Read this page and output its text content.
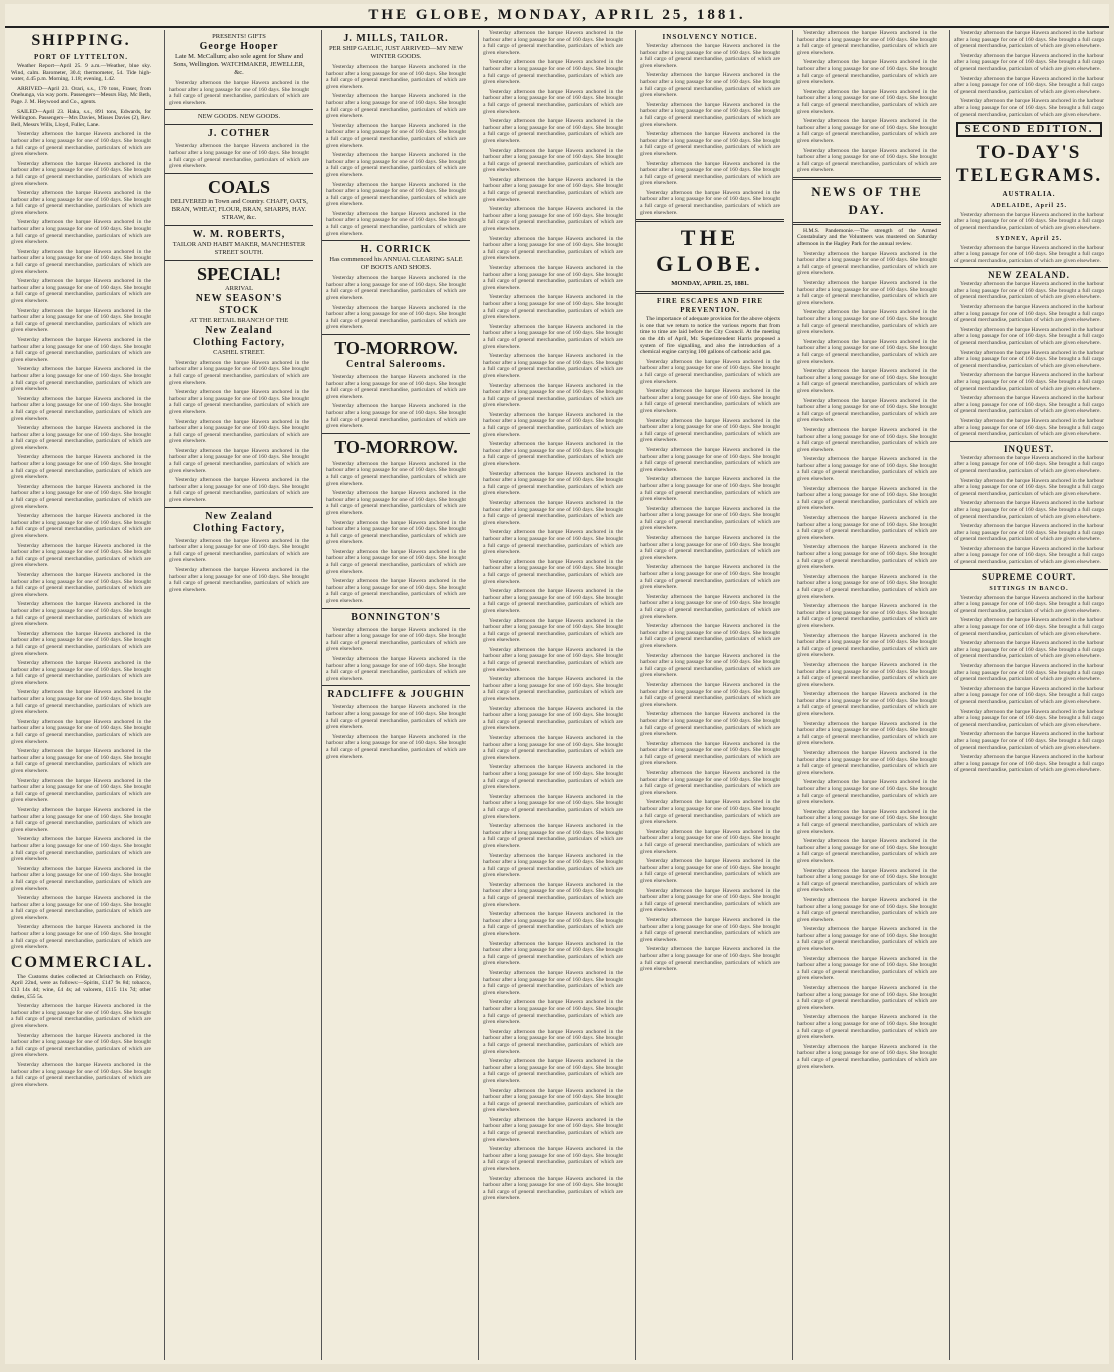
THE GLOBE, MONDAY, APRIL 25, 1881.
SHIPPING.
PORT OF LYTTELTON.

Weather Report—April 25. 9 a.m.—Weather, blue sky. Wind, calm. Barometer, 30.4; thermometer, 54. Tide high-water, 4.45 p.m. Morning, 1.18; evening, 1.42.

ARRIVED—April 23. Orari, s.s., 170 tons, Fraser, from Onehunga, via way ports. Passengers—Messrs Hay, Mc Beth, Page. J. M. Heywood and Co., agents.

SAILED—April 23. Haka, s.s., 891 tons, Edwards, for Wellington. Passengers—Mrs Davies, Misses Davies (2), Rev. Bell, Messrs Wills, Lloyd, Fuller, Lane.

Yesterday afternoon the barque Hawera anchored in the harbour after a long passage for one of 160 days. She brought a full cargo of general merchandise, particulars of which are given elsewhere.

Yesterday afternoon the barque Hawera anchored in the harbour after a long passage for one of 160 days. She brought a full cargo of general merchandise, particulars of which are given elsewhere.

Yesterday afternoon the barque Hawera anchored in the harbour after a long passage for one of 160 days. She brought a full cargo of general merchandise, particulars of which are given elsewhere.

Yesterday afternoon the barque Hawera anchored in the harbour after a long passage for one of 160 days. She brought a full cargo of general merchandise, particulars of which are given elsewhere.

Yesterday afternoon the barque Hawera anchored in the harbour after a long passage for one of 160 days. She brought a full cargo of general merchandise, particulars of which are given elsewhere.

Yesterday afternoon the barque Hawera anchored in the harbour after a long passage for one of 160 days. She brought a full cargo of general merchandise, particulars of which are given elsewhere.

Yesterday afternoon the barque Hawera anchored in the harbour after a long passage for one of 160 days. She brought a full cargo of general merchandise, particulars of which are given elsewhere.

Yesterday afternoon the barque Hawera anchored in the harbour after a long passage for one of 160 days. She brought a full cargo of general merchandise, particulars of which are given elsewhere.

Yesterday afternoon the barque Hawera anchored in the harbour after a long passage for one of 160 days. She brought a full cargo of general merchandise, particulars of which are given elsewhere.

Yesterday afternoon the barque Hawera anchored in the harbour after a long passage for one of 160 days. She brought a full cargo of general merchandise, particulars of which are given elsewhere.

Yesterday afternoon the barque Hawera anchored in the harbour after a long passage for one of 160 days. She brought a full cargo of general merchandise, particulars of which are given elsewhere.

Yesterday afternoon the barque Hawera anchored in the harbour after a long passage for one of 160 days. She brought a full cargo of general merchandise, particulars of which are given elsewhere.

Yesterday afternoon the barque Hawera anchored in the harbour after a long passage for one of 160 days. She brought a full cargo of general merchandise, particulars of which are given elsewhere.

Yesterday afternoon the barque Hawera anchored in the harbour after a long passage for one of 160 days. She brought a full cargo of general merchandise, particulars of which are given elsewhere.

Yesterday afternoon the barque Hawera anchored in the harbour after a long passage for one of 160 days. She brought a full cargo of general merchandise, particulars of which are given elsewhere.

Yesterday afternoon the barque Hawera anchored in the harbour after a long passage for one of 160 days. She brought a full cargo of general merchandise, particulars of which are given elsewhere.

Yesterday afternoon the barque Hawera anchored in the harbour after a long passage for one of 160 days. She brought a full cargo of general merchandise, particulars of which are given elsewhere.

Yesterday afternoon the barque Hawera anchored in the harbour after a long passage for one of 160 days. She brought a full cargo of general merchandise, particulars of which are given elsewhere.

Yesterday afternoon the barque Hawera anchored in the harbour after a long passage for one of 160 days. She brought a full cargo of general merchandise, particulars of which are given elsewhere.

Yesterday afternoon the barque Hawera anchored in the harbour after a long passage for one of 160 days. She brought a full cargo of general merchandise, particulars of which are given elsewhere.

Yesterday afternoon the barque Hawera anchored in the harbour after a long passage for one of 160 days. She brought a full cargo of general merchandise, particulars of which are given elsewhere.

Yesterday afternoon the barque Hawera anchored in the harbour after a long passage for one of 160 days. She brought a full cargo of general merchandise, particulars of which are given elsewhere.

Yesterday afternoon the barque Hawera anchored in the harbour after a long passage for one of 160 days. She brought a full cargo of general merchandise, particulars of which are given elsewhere.

Yesterday afternoon the barque Hawera anchored in the harbour after a long passage for one of 160 days. She brought a full cargo of general merchandise, particulars of which are given elsewhere.

Yesterday afternoon the barque Hawera anchored in the harbour after a long passage for one of 160 days. She brought a full cargo of general merchandise, particulars of which are given elsewhere.

Yesterday afternoon the barque Hawera anchored in the harbour after a long passage for one of 160 days. She brought a full cargo of general merchandise, particulars of which are given elsewhere.

Yesterday afternoon the barque Hawera anchored in the harbour after a long passage for one of 160 days. She brought a full cargo of general merchandise, particulars of which are given elsewhere.

Yesterday afternoon the barque Hawera anchored in the harbour after a long passage for one of 160 days. She brought a full cargo of general merchandise, particulars of which are given elsewhere.

COMMERCIAL.

The Customs duties collected at Christchurch on Friday, April 22nd, were as follows:—Spirits, £147 9s 8d; tobacco, £13 14s 4d; wine, £4 4s; ad valorem, £115 11s 7d; other duties, £55 5s.

Yesterday afternoon the barque Hawera anchored in the harbour after a long passage for one of 160 days. She brought a full cargo of general merchandise, particulars of which are given elsewhere.

Yesterday afternoon the barque Hawera anchored in the harbour after a long passage for one of 160 days. She brought a full cargo of general merchandise, particulars of which are given elsewhere.

Yesterday afternoon the barque Hawera anchored in the harbour after a long passage for one of 160 days. She brought a full cargo of general merchandise, particulars of which are given elsewhere.

PRESENTS! GIFTS
George Hooper
Late M. McCallum; also sole agent for Shaw and Sons, Wellington. WATCHMAKER, JEWELLER, &c.

Yesterday afternoon the barque Hawera anchored in the harbour after a long passage for one of 160 days. She brought a full cargo of general merchandise, particulars of which are given elsewhere.

NEW GOODS. NEW GOODS.
J. COTHER

Yesterday afternoon the barque Hawera anchored in the harbour after a long passage for one of 160 days. She brought a full cargo of general merchandise, particulars of which are given elsewhere.

COALS
DELIVERED in Town and Country. CHAFF, OATS, BRAN, WHEAT, FLOUR, BRAN, SHARPS, HAY. STRAW, &c.
W. M. ROBERTS,
TAILOR AND HABIT MAKER, MANCHESTER STREET SOUTH.
SPECIAL!
ARRIVAL
NEW SEASON'S
STOCK
AT THE RETAIL BRANCH OF THE
New Zealand
Clothing Factory,
CASHEL STREET.

Yesterday afternoon the barque Hawera anchored in the harbour after a long passage for one of 160 days. She brought a full cargo of general merchandise, particulars of which are given elsewhere.

Yesterday afternoon the barque Hawera anchored in the harbour after a long passage for one of 160 days. She brought a full cargo of general merchandise, particulars of which are given elsewhere.

Yesterday afternoon the barque Hawera anchored in the harbour after a long passage for one of 160 days. She brought a full cargo of general merchandise, particulars of which are given elsewhere.

Yesterday afternoon the barque Hawera anchored in the harbour after a long passage for one of 160 days. She brought a full cargo of general merchandise, particulars of which are given elsewhere.

Yesterday afternoon the barque Hawera anchored in the harbour after a long passage for one of 160 days. She brought a full cargo of general merchandise, particulars of which are given elsewhere.

New Zealand
Clothing Factory,

Yesterday afternoon the barque Hawera anchored in the harbour after a long passage for one of 160 days. She brought a full cargo of general merchandise, particulars of which are given elsewhere.

Yesterday afternoon the barque Hawera anchored in the harbour after a long passage for one of 160 days. She brought a full cargo of general merchandise, particulars of which are given elsewhere.

J. MILLS, TAILOR.
PER SHIP GAELIC, JUST ARRIVED—MY NEW WINTER GOODS.

Yesterday afternoon the barque Hawera anchored in the harbour after a long passage for one of 160 days. She brought a full cargo of general merchandise, particulars of which are given elsewhere.

Yesterday afternoon the barque Hawera anchored in the harbour after a long passage for one of 160 days. She brought a full cargo of general merchandise, particulars of which are given elsewhere.

Yesterday afternoon the barque Hawera anchored in the harbour after a long passage for one of 160 days. She brought a full cargo of general merchandise, particulars of which are given elsewhere.

Yesterday afternoon the barque Hawera anchored in the harbour after a long passage for one of 160 days. She brought a full cargo of general merchandise, particulars of which are given elsewhere.

Yesterday afternoon the barque Hawera anchored in the harbour after a long passage for one of 160 days. She brought a full cargo of general merchandise, particulars of which are given elsewhere.

Yesterday afternoon the barque Hawera anchored in the harbour after a long passage for one of 160 days. She brought a full cargo of general merchandise, particulars of which are given elsewhere.

H. CORRICK
Has commenced his ANNUAL CLEARING SALE OF BOOTS AND SHOES.

Yesterday afternoon the barque Hawera anchored in the harbour after a long passage for one of 160 days. She brought a full cargo of general merchandise, particulars of which are given elsewhere.

Yesterday afternoon the barque Hawera anchored in the harbour after a long passage for one of 160 days. She brought a full cargo of general merchandise, particulars of which are given elsewhere.

TO-MORROW.
Central Salerooms.

Yesterday afternoon the barque Hawera anchored in the harbour after a long passage for one of 160 days. She brought a full cargo of general merchandise, particulars of which are given elsewhere.

Yesterday afternoon the barque Hawera anchored in the harbour after a long passage for one of 160 days. She brought a full cargo of general merchandise, particulars of which are given elsewhere.

TO-MORROW.

Yesterday afternoon the barque Hawera anchored in the harbour after a long passage for one of 160 days. She brought a full cargo of general merchandise, particulars of which are given elsewhere.

Yesterday afternoon the barque Hawera anchored in the harbour after a long passage for one of 160 days. She brought a full cargo of general merchandise, particulars of which are given elsewhere.

Yesterday afternoon the barque Hawera anchored in the harbour after a long passage for one of 160 days. She brought a full cargo of general merchandise, particulars of which are given elsewhere.

Yesterday afternoon the barque Hawera anchored in the harbour after a long passage for one of 160 days. She brought a full cargo of general merchandise, particulars of which are given elsewhere.

Yesterday afternoon the barque Hawera anchored in the harbour after a long passage for one of 160 days. She brought a full cargo of general merchandise, particulars of which are given elsewhere.

BONNINGTON'S

Yesterday afternoon the barque Hawera anchored in the harbour after a long passage for one of 160 days. She brought a full cargo of general merchandise, particulars of which are given elsewhere.

Yesterday afternoon the barque Hawera anchored in the harbour after a long passage for one of 160 days. She brought a full cargo of general merchandise, particulars of which are given elsewhere.

RADCLIFFE & JOUGHIN

Yesterday afternoon the barque Hawera anchored in the harbour after a long passage for one of 160 days. She brought a full cargo of general merchandise, particulars of which are given elsewhere.

Yesterday afternoon the barque Hawera anchored in the harbour after a long passage for one of 160 days. She brought a full cargo of general merchandise, particulars of which are given elsewhere.

Yesterday afternoon the barque Hawera anchored in the harbour after a long passage for one of 160 days. She brought a full cargo of general merchandise, particulars of which are given elsewhere.

Yesterday afternoon the barque Hawera anchored in the harbour after a long passage for one of 160 days. She brought a full cargo of general merchandise, particulars of which are given elsewhere.

Yesterday afternoon the barque Hawera anchored in the harbour after a long passage for one of 160 days. She brought a full cargo of general merchandise, particulars of which are given elsewhere.

Yesterday afternoon the barque Hawera anchored in the harbour after a long passage for one of 160 days. She brought a full cargo of general merchandise, particulars of which are given elsewhere.

Yesterday afternoon the barque Hawera anchored in the harbour after a long passage for one of 160 days. She brought a full cargo of general merchandise, particulars of which are given elsewhere.

Yesterday afternoon the barque Hawera anchored in the harbour after a long passage for one of 160 days. She brought a full cargo of general merchandise, particulars of which are given elsewhere.

Yesterday afternoon the barque Hawera anchored in the harbour after a long passage for one of 160 days. She brought a full cargo of general merchandise, particulars of which are given elsewhere.

Yesterday afternoon the barque Hawera anchored in the harbour after a long passage for one of 160 days. She brought a full cargo of general merchandise, particulars of which are given elsewhere.

Yesterday afternoon the barque Hawera anchored in the harbour after a long passage for one of 160 days. She brought a full cargo of general merchandise, particulars of which are given elsewhere.

Yesterday afternoon the barque Hawera anchored in the harbour after a long passage for one of 160 days. She brought a full cargo of general merchandise, particulars of which are given elsewhere.

Yesterday afternoon the barque Hawera anchored in the harbour after a long passage for one of 160 days. She brought a full cargo of general merchandise, particulars of which are given elsewhere.

Yesterday afternoon the barque Hawera anchored in the harbour after a long passage for one of 160 days. She brought a full cargo of general merchandise, particulars of which are given elsewhere.

Yesterday afternoon the barque Hawera anchored in the harbour after a long passage for one of 160 days. She brought a full cargo of general merchandise, particulars of which are given elsewhere.

Yesterday afternoon the barque Hawera anchored in the harbour after a long passage for one of 160 days. She brought a full cargo of general merchandise, particulars of which are given elsewhere.

Yesterday afternoon the barque Hawera anchored in the harbour after a long passage for one of 160 days. She brought a full cargo of general merchandise, particulars of which are given elsewhere.

Yesterday afternoon the barque Hawera anchored in the harbour after a long passage for one of 160 days. She brought a full cargo of general merchandise, particulars of which are given elsewhere.

Yesterday afternoon the barque Hawera anchored in the harbour after a long passage for one of 160 days. She brought a full cargo of general merchandise, particulars of which are given elsewhere.

Yesterday afternoon the barque Hawera anchored in the harbour after a long passage for one of 160 days. She brought a full cargo of general merchandise, particulars of which are given elsewhere.

Yesterday afternoon the barque Hawera anchored in the harbour after a long passage for one of 160 days. She brought a full cargo of general merchandise, particulars of which are given elsewhere.

Yesterday afternoon the barque Hawera anchored in the harbour after a long passage for one of 160 days. She brought a full cargo of general merchandise, particulars of which are given elsewhere.

Yesterday afternoon the barque Hawera anchored in the harbour after a long passage for one of 160 days. She brought a full cargo of general merchandise, particulars of which are given elsewhere.

Yesterday afternoon the barque Hawera anchored in the harbour after a long passage for one of 160 days. She brought a full cargo of general merchandise, particulars of which are given elsewhere.

Yesterday afternoon the barque Hawera anchored in the harbour after a long passage for one of 160 days. She brought a full cargo of general merchandise, particulars of which are given elsewhere.

Yesterday afternoon the barque Hawera anchored in the harbour after a long passage for one of 160 days. She brought a full cargo of general merchandise, particulars of which are given elsewhere.

Yesterday afternoon the barque Hawera anchored in the harbour after a long passage for one of 160 days. She brought a full cargo of general merchandise, particulars of which are given elsewhere.

Yesterday afternoon the barque Hawera anchored in the harbour after a long passage for one of 160 days. She brought a full cargo of general merchandise, particulars of which are given elsewhere.

Yesterday afternoon the barque Hawera anchored in the harbour after a long passage for one of 160 days. She brought a full cargo of general merchandise, particulars of which are given elsewhere.

Yesterday afternoon the barque Hawera anchored in the harbour after a long passage for one of 160 days. She brought a full cargo of general merchandise, particulars of which are given elsewhere.

Yesterday afternoon the barque Hawera anchored in the harbour after a long passage for one of 160 days. She brought a full cargo of general merchandise, particulars of which are given elsewhere.

Yesterday afternoon the barque Hawera anchored in the harbour after a long passage for one of 160 days. She brought a full cargo of general merchandise, particulars of which are given elsewhere.

Yesterday afternoon the barque Hawera anchored in the harbour after a long passage for one of 160 days. She brought a full cargo of general merchandise, particulars of which are given elsewhere.

Yesterday afternoon the barque Hawera anchored in the harbour after a long passage for one of 160 days. She brought a full cargo of general merchandise, particulars of which are given elsewhere.

Yesterday afternoon the barque Hawera anchored in the harbour after a long passage for one of 160 days. She brought a full cargo of general merchandise, particulars of which are given elsewhere.

Yesterday afternoon the barque Hawera anchored in the harbour after a long passage for one of 160 days. She brought a full cargo of general merchandise, particulars of which are given elsewhere.

Yesterday afternoon the barque Hawera anchored in the harbour after a long passage for one of 160 days. She brought a full cargo of general merchandise, particulars of which are given elsewhere.

Yesterday afternoon the barque Hawera anchored in the harbour after a long passage for one of 160 days. She brought a full cargo of general merchandise, particulars of which are given elsewhere.

Yesterday afternoon the barque Hawera anchored in the harbour after a long passage for one of 160 days. She brought a full cargo of general merchandise, particulars of which are given elsewhere.

Yesterday afternoon the barque Hawera anchored in the harbour after a long passage for one of 160 days. She brought a full cargo of general merchandise, particulars of which are given elsewhere.

Yesterday afternoon the barque Hawera anchored in the harbour after a long passage for one of 160 days. She brought a full cargo of general merchandise, particulars of which are given elsewhere.

Yesterday afternoon the barque Hawera anchored in the harbour after a long passage for one of 160 days. She brought a full cargo of general merchandise, particulars of which are given elsewhere.

INSOLVENCY NOTICE.

Yesterday afternoon the barque Hawera anchored in the harbour after a long passage for one of 160 days. She brought a full cargo of general merchandise, particulars of which are given elsewhere.

Yesterday afternoon the barque Hawera anchored in the harbour after a long passage for one of 160 days. She brought a full cargo of general merchandise, particulars of which are given elsewhere.

Yesterday afternoon the barque Hawera anchored in the harbour after a long passage for one of 160 days. She brought a full cargo of general merchandise, particulars of which are given elsewhere.

Yesterday afternoon the barque Hawera anchored in the harbour after a long passage for one of 160 days. She brought a full cargo of general merchandise, particulars of which are given elsewhere.

Yesterday afternoon the barque Hawera anchored in the harbour after a long passage for one of 160 days. She brought a full cargo of general merchandise, particulars of which are given elsewhere.

Yesterday afternoon the barque Hawera anchored in the harbour after a long passage for one of 160 days. She brought a full cargo of general merchandise, particulars of which are given elsewhere.

THE GLOBE.
MONDAY, APRIL 25, 1881.
FIRE ESCAPES AND FIRE PREVENTION.

The importance of adequate provision for the above objects is one that we return to notice the various reports that from time to time are laid before the City Council. At the meeting on the 4th of April, Mr. Superintendent Harris proposed a system of fire signalling, and also the introduction of a chemical engine carrying 100 gallons of carbonic acid gas.

Yesterday afternoon the barque Hawera anchored in the harbour after a long passage for one of 160 days. She brought a full cargo of general merchandise, particulars of which are given elsewhere.

Yesterday afternoon the barque Hawera anchored in the harbour after a long passage for one of 160 days. She brought a full cargo of general merchandise, particulars of which are given elsewhere.

Yesterday afternoon the barque Hawera anchored in the harbour after a long passage for one of 160 days. She brought a full cargo of general merchandise, particulars of which are given elsewhere.

Yesterday afternoon the barque Hawera anchored in the harbour after a long passage for one of 160 days. She brought a full cargo of general merchandise, particulars of which are given elsewhere.

Yesterday afternoon the barque Hawera anchored in the harbour after a long passage for one of 160 days. She brought a full cargo of general merchandise, particulars of which are given elsewhere.

Yesterday afternoon the barque Hawera anchored in the harbour after a long passage for one of 160 days. She brought a full cargo of general merchandise, particulars of which are given elsewhere.

Yesterday afternoon the barque Hawera anchored in the harbour after a long passage for one of 160 days. She brought a full cargo of general merchandise, particulars of which are given elsewhere.

Yesterday afternoon the barque Hawera anchored in the harbour after a long passage for one of 160 days. She brought a full cargo of general merchandise, particulars of which are given elsewhere.

Yesterday afternoon the barque Hawera anchored in the harbour after a long passage for one of 160 days. She brought a full cargo of general merchandise, particulars of which are given elsewhere.

Yesterday afternoon the barque Hawera anchored in the harbour after a long passage for one of 160 days. She brought a full cargo of general merchandise, particulars of which are given elsewhere.

Yesterday afternoon the barque Hawera anchored in the harbour after a long passage for one of 160 days. She brought a full cargo of general merchandise, particulars of which are given elsewhere.

Yesterday afternoon the barque Hawera anchored in the harbour after a long passage for one of 160 days. She brought a full cargo of general merchandise, particulars of which are given elsewhere.

Yesterday afternoon the barque Hawera anchored in the harbour after a long passage for one of 160 days. She brought a full cargo of general merchandise, particulars of which are given elsewhere.

Yesterday afternoon the barque Hawera anchored in the harbour after a long passage for one of 160 days. She brought a full cargo of general merchandise, particulars of which are given elsewhere.

Yesterday afternoon the barque Hawera anchored in the harbour after a long passage for one of 160 days. She brought a full cargo of general merchandise, particulars of which are given elsewhere.

Yesterday afternoon the barque Hawera anchored in the harbour after a long passage for one of 160 days. She brought a full cargo of general merchandise, particulars of which are given elsewhere.

Yesterday afternoon the barque Hawera anchored in the harbour after a long passage for one of 160 days. She brought a full cargo of general merchandise, particulars of which are given elsewhere.

Yesterday afternoon the barque Hawera anchored in the harbour after a long passage for one of 160 days. She brought a full cargo of general merchandise, particulars of which are given elsewhere.

Yesterday afternoon the barque Hawera anchored in the harbour after a long passage for one of 160 days. She brought a full cargo of general merchandise, particulars of which are given elsewhere.

Yesterday afternoon the barque Hawera anchored in the harbour after a long passage for one of 160 days. She brought a full cargo of general merchandise, particulars of which are given elsewhere.

Yesterday afternoon the barque Hawera anchored in the harbour after a long passage for one of 160 days. She brought a full cargo of general merchandise, particulars of which are given elsewhere.

Yesterday afternoon the barque Hawera anchored in the harbour after a long passage for one of 160 days. She brought a full cargo of general merchandise, particulars of which are given elsewhere.

Yesterday afternoon the barque Hawera anchored in the harbour after a long passage for one of 160 days. She brought a full cargo of general merchandise, particulars of which are given elsewhere.

Yesterday afternoon the barque Hawera anchored in the harbour after a long passage for one of 160 days. She brought a full cargo of general merchandise, particulars of which are given elsewhere.

Yesterday afternoon the barque Hawera anchored in the harbour after a long passage for one of 160 days. She brought a full cargo of general merchandise, particulars of which are given elsewhere.

Yesterday afternoon the barque Hawera anchored in the harbour after a long passage for one of 160 days. She brought a full cargo of general merchandise, particulars of which are given elsewhere.

NEWS OF THE DAY.

H.M.S. Pandemonie.—The strength of the Armed Constabulary and the Volunteers was mustered on Saturday afternoon in the Hagley Park for the annual review.

Yesterday afternoon the barque Hawera anchored in the harbour after a long passage for one of 160 days. She brought a full cargo of general merchandise, particulars of which are given elsewhere.

Yesterday afternoon the barque Hawera anchored in the harbour after a long passage for one of 160 days. She brought a full cargo of general merchandise, particulars of which are given elsewhere.

Yesterday afternoon the barque Hawera anchored in the harbour after a long passage for one of 160 days. She brought a full cargo of general merchandise, particulars of which are given elsewhere.

Yesterday afternoon the barque Hawera anchored in the harbour after a long passage for one of 160 days. She brought a full cargo of general merchandise, particulars of which are given elsewhere.

Yesterday afternoon the barque Hawera anchored in the harbour after a long passage for one of 160 days. She brought a full cargo of general merchandise, particulars of which are given elsewhere.

Yesterday afternoon the barque Hawera anchored in the harbour after a long passage for one of 160 days. She brought a full cargo of general merchandise, particulars of which are given elsewhere.

Yesterday afternoon the barque Hawera anchored in the harbour after a long passage for one of 160 days. She brought a full cargo of general merchandise, particulars of which are given elsewhere.

Yesterday afternoon the barque Hawera anchored in the harbour after a long passage for one of 160 days. She brought a full cargo of general merchandise, particulars of which are given elsewhere.

Yesterday afternoon the barque Hawera anchored in the harbour after a long passage for one of 160 days. She brought a full cargo of general merchandise, particulars of which are given elsewhere.

Yesterday afternoon the barque Hawera anchored in the harbour after a long passage for one of 160 days. She brought a full cargo of general merchandise, particulars of which are given elsewhere.

Yesterday afternoon the barque Hawera anchored in the harbour after a long passage for one of 160 days. She brought a full cargo of general merchandise, particulars of which are given elsewhere.

Yesterday afternoon the barque Hawera anchored in the harbour after a long passage for one of 160 days. She brought a full cargo of general merchandise, particulars of which are given elsewhere.

Yesterday afternoon the barque Hawera anchored in the harbour after a long passage for one of 160 days. She brought a full cargo of general merchandise, particulars of which are given elsewhere.

Yesterday afternoon the barque Hawera anchored in the harbour after a long passage for one of 160 days. She brought a full cargo of general merchandise, particulars of which are given elsewhere.

Yesterday afternoon the barque Hawera anchored in the harbour after a long passage for one of 160 days. She brought a full cargo of general merchandise, particulars of which are given elsewhere.

Yesterday afternoon the barque Hawera anchored in the harbour after a long passage for one of 160 days. She brought a full cargo of general merchandise, particulars of which are given elsewhere.

Yesterday afternoon the barque Hawera anchored in the harbour after a long passage for one of 160 days. She brought a full cargo of general merchandise, particulars of which are given elsewhere.

Yesterday afternoon the barque Hawera anchored in the harbour after a long passage for one of 160 days. She brought a full cargo of general merchandise, particulars of which are given elsewhere.

Yesterday afternoon the barque Hawera anchored in the harbour after a long passage for one of 160 days. She brought a full cargo of general merchandise, particulars of which are given elsewhere.

Yesterday afternoon the barque Hawera anchored in the harbour after a long passage for one of 160 days. She brought a full cargo of general merchandise, particulars of which are given elsewhere.

Yesterday afternoon the barque Hawera anchored in the harbour after a long passage for one of 160 days. She brought a full cargo of general merchandise, particulars of which are given elsewhere.

Yesterday afternoon the barque Hawera anchored in the harbour after a long passage for one of 160 days. She brought a full cargo of general merchandise, particulars of which are given elsewhere.

Yesterday afternoon the barque Hawera anchored in the harbour after a long passage for one of 160 days. She brought a full cargo of general merchandise, particulars of which are given elsewhere.

Yesterday afternoon the barque Hawera anchored in the harbour after a long passage for one of 160 days. She brought a full cargo of general merchandise, particulars of which are given elsewhere.

Yesterday afternoon the barque Hawera anchored in the harbour after a long passage for one of 160 days. She brought a full cargo of general merchandise, particulars of which are given elsewhere.

Yesterday afternoon the barque Hawera anchored in the harbour after a long passage for one of 160 days. She brought a full cargo of general merchandise, particulars of which are given elsewhere.

Yesterday afternoon the barque Hawera anchored in the harbour after a long passage for one of 160 days. She brought a full cargo of general merchandise, particulars of which are given elsewhere.

Yesterday afternoon the barque Hawera anchored in the harbour after a long passage for one of 160 days. She brought a full cargo of general merchandise, particulars of which are given elsewhere.

Yesterday afternoon the barque Hawera anchored in the harbour after a long passage for one of 160 days. She brought a full cargo of general merchandise, particulars of which are given elsewhere.

Yesterday afternoon the barque Hawera anchored in the harbour after a long passage for one of 160 days. She brought a full cargo of general merchandise, particulars of which are given elsewhere.

Yesterday afternoon the barque Hawera anchored in the harbour after a long passage for one of 160 days. She brought a full cargo of general merchandise, particulars of which are given elsewhere.

Yesterday afternoon the barque Hawera anchored in the harbour after a long passage for one of 160 days. She brought a full cargo of general merchandise, particulars of which are given elsewhere.

SECOND EDITION.
TO-DAY'S
TELEGRAMS.
AUSTRALIA.
ADELAIDE, April 25.

Yesterday afternoon the barque Hawera anchored in the harbour after a long passage for one of 160 days. She brought a full cargo of general merchandise, particulars of which are given elsewhere.

SYDNEY, April 25.

Yesterday afternoon the barque Hawera anchored in the harbour after a long passage for one of 160 days. She brought a full cargo of general merchandise, particulars of which are given elsewhere.

NEW ZEALAND.

Yesterday afternoon the barque Hawera anchored in the harbour after a long passage for one of 160 days. She brought a full cargo of general merchandise, particulars of which are given elsewhere.

Yesterday afternoon the barque Hawera anchored in the harbour after a long passage for one of 160 days. She brought a full cargo of general merchandise, particulars of which are given elsewhere.

Yesterday afternoon the barque Hawera anchored in the harbour after a long passage for one of 160 days. She brought a full cargo of general merchandise, particulars of which are given elsewhere.

Yesterday afternoon the barque Hawera anchored in the harbour after a long passage for one of 160 days. She brought a full cargo of general merchandise, particulars of which are given elsewhere.

Yesterday afternoon the barque Hawera anchored in the harbour after a long passage for one of 160 days. She brought a full cargo of general merchandise, particulars of which are given elsewhere.

Yesterday afternoon the barque Hawera anchored in the harbour after a long passage for one of 160 days. She brought a full cargo of general merchandise, particulars of which are given elsewhere.

Yesterday afternoon the barque Hawera anchored in the harbour after a long passage for one of 160 days. She brought a full cargo of general merchandise, particulars of which are given elsewhere.

INQUEST.

Yesterday afternoon the barque Hawera anchored in the harbour after a long passage for one of 160 days. She brought a full cargo of general merchandise, particulars of which are given elsewhere.

Yesterday afternoon the barque Hawera anchored in the harbour after a long passage for one of 160 days. She brought a full cargo of general merchandise, particulars of which are given elsewhere.

Yesterday afternoon the barque Hawera anchored in the harbour after a long passage for one of 160 days. She brought a full cargo of general merchandise, particulars of which are given elsewhere.

Yesterday afternoon the barque Hawera anchored in the harbour after a long passage for one of 160 days. She brought a full cargo of general merchandise, particulars of which are given elsewhere.

Yesterday afternoon the barque Hawera anchored in the harbour after a long passage for one of 160 days. She brought a full cargo of general merchandise, particulars of which are given elsewhere.

SUPREME COURT.
SITTINGS IN BANCO.

Yesterday afternoon the barque Hawera anchored in the harbour after a long passage for one of 160 days. She brought a full cargo of general merchandise, particulars of which are given elsewhere.

Yesterday afternoon the barque Hawera anchored in the harbour after a long passage for one of 160 days. She brought a full cargo of general merchandise, particulars of which are given elsewhere.

Yesterday afternoon the barque Hawera anchored in the harbour after a long passage for one of 160 days. She brought a full cargo of general merchandise, particulars of which are given elsewhere.

Yesterday afternoon the barque Hawera anchored in the harbour after a long passage for one of 160 days. She brought a full cargo of general merchandise, particulars of which are given elsewhere.

Yesterday afternoon the barque Hawera anchored in the harbour after a long passage for one of 160 days. She brought a full cargo of general merchandise, particulars of which are given elsewhere.

Yesterday afternoon the barque Hawera anchored in the harbour after a long passage for one of 160 days. She brought a full cargo of general merchandise, particulars of which are given elsewhere.

Yesterday afternoon the barque Hawera anchored in the harbour after a long passage for one of 160 days. She brought a full cargo of general merchandise, particulars of which are given elsewhere.

Yesterday afternoon the barque Hawera anchored in the harbour after a long passage for one of 160 days. She brought a full cargo of general merchandise, particulars of which are given elsewhere.
